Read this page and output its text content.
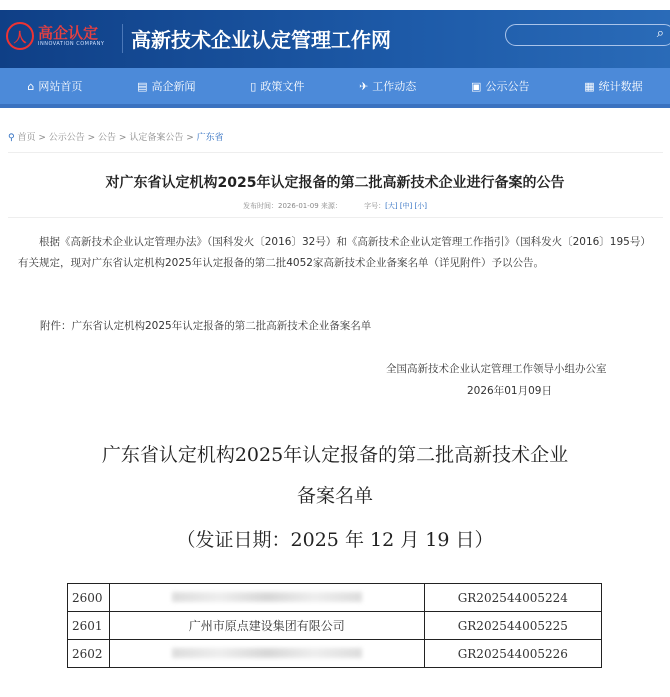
人 高企认定
INNOVATION COMPANY	高新技术企业认定管理工作网	⌕
⌂ 网站首页	▤ 高企新闻	▯ 政策文件	✈ 工作动态	▣ 公示公告	▦ 统计数据
⚲ 首页 > 公示公告 > 公告 > 认定备案公告 > 广东省
对广东省认定机构2025年认定报备的第二批高新技术企业进行备案的公告
发布时间：2026-01-09 来源：	字号：[大] [中] [小]
根据《高新技术企业认定管理办法》（国科发火〔2016〕32号）和《高新技术企业认定管理工作指引》（国科发火〔2016〕195号）有关规定，现对广东省认定机构2025年认定报备的第二批4052家高新技术企业备案名单（详见附件）予以公告。
附件：广东省认定机构2025年认定报备的第二批高新技术企业备案名单
全国高新技术企业认定管理工作领导小组办公室
2026年01月09日
广东省认定机构2025年认定报备的第二批高新技术企业
备案名单
（发证日期：2025 年 12 月 19 日）
2600		GR202544005224
2601	广州市原点建设集团有限公司	GR202544005225
2602		GR202544005226
